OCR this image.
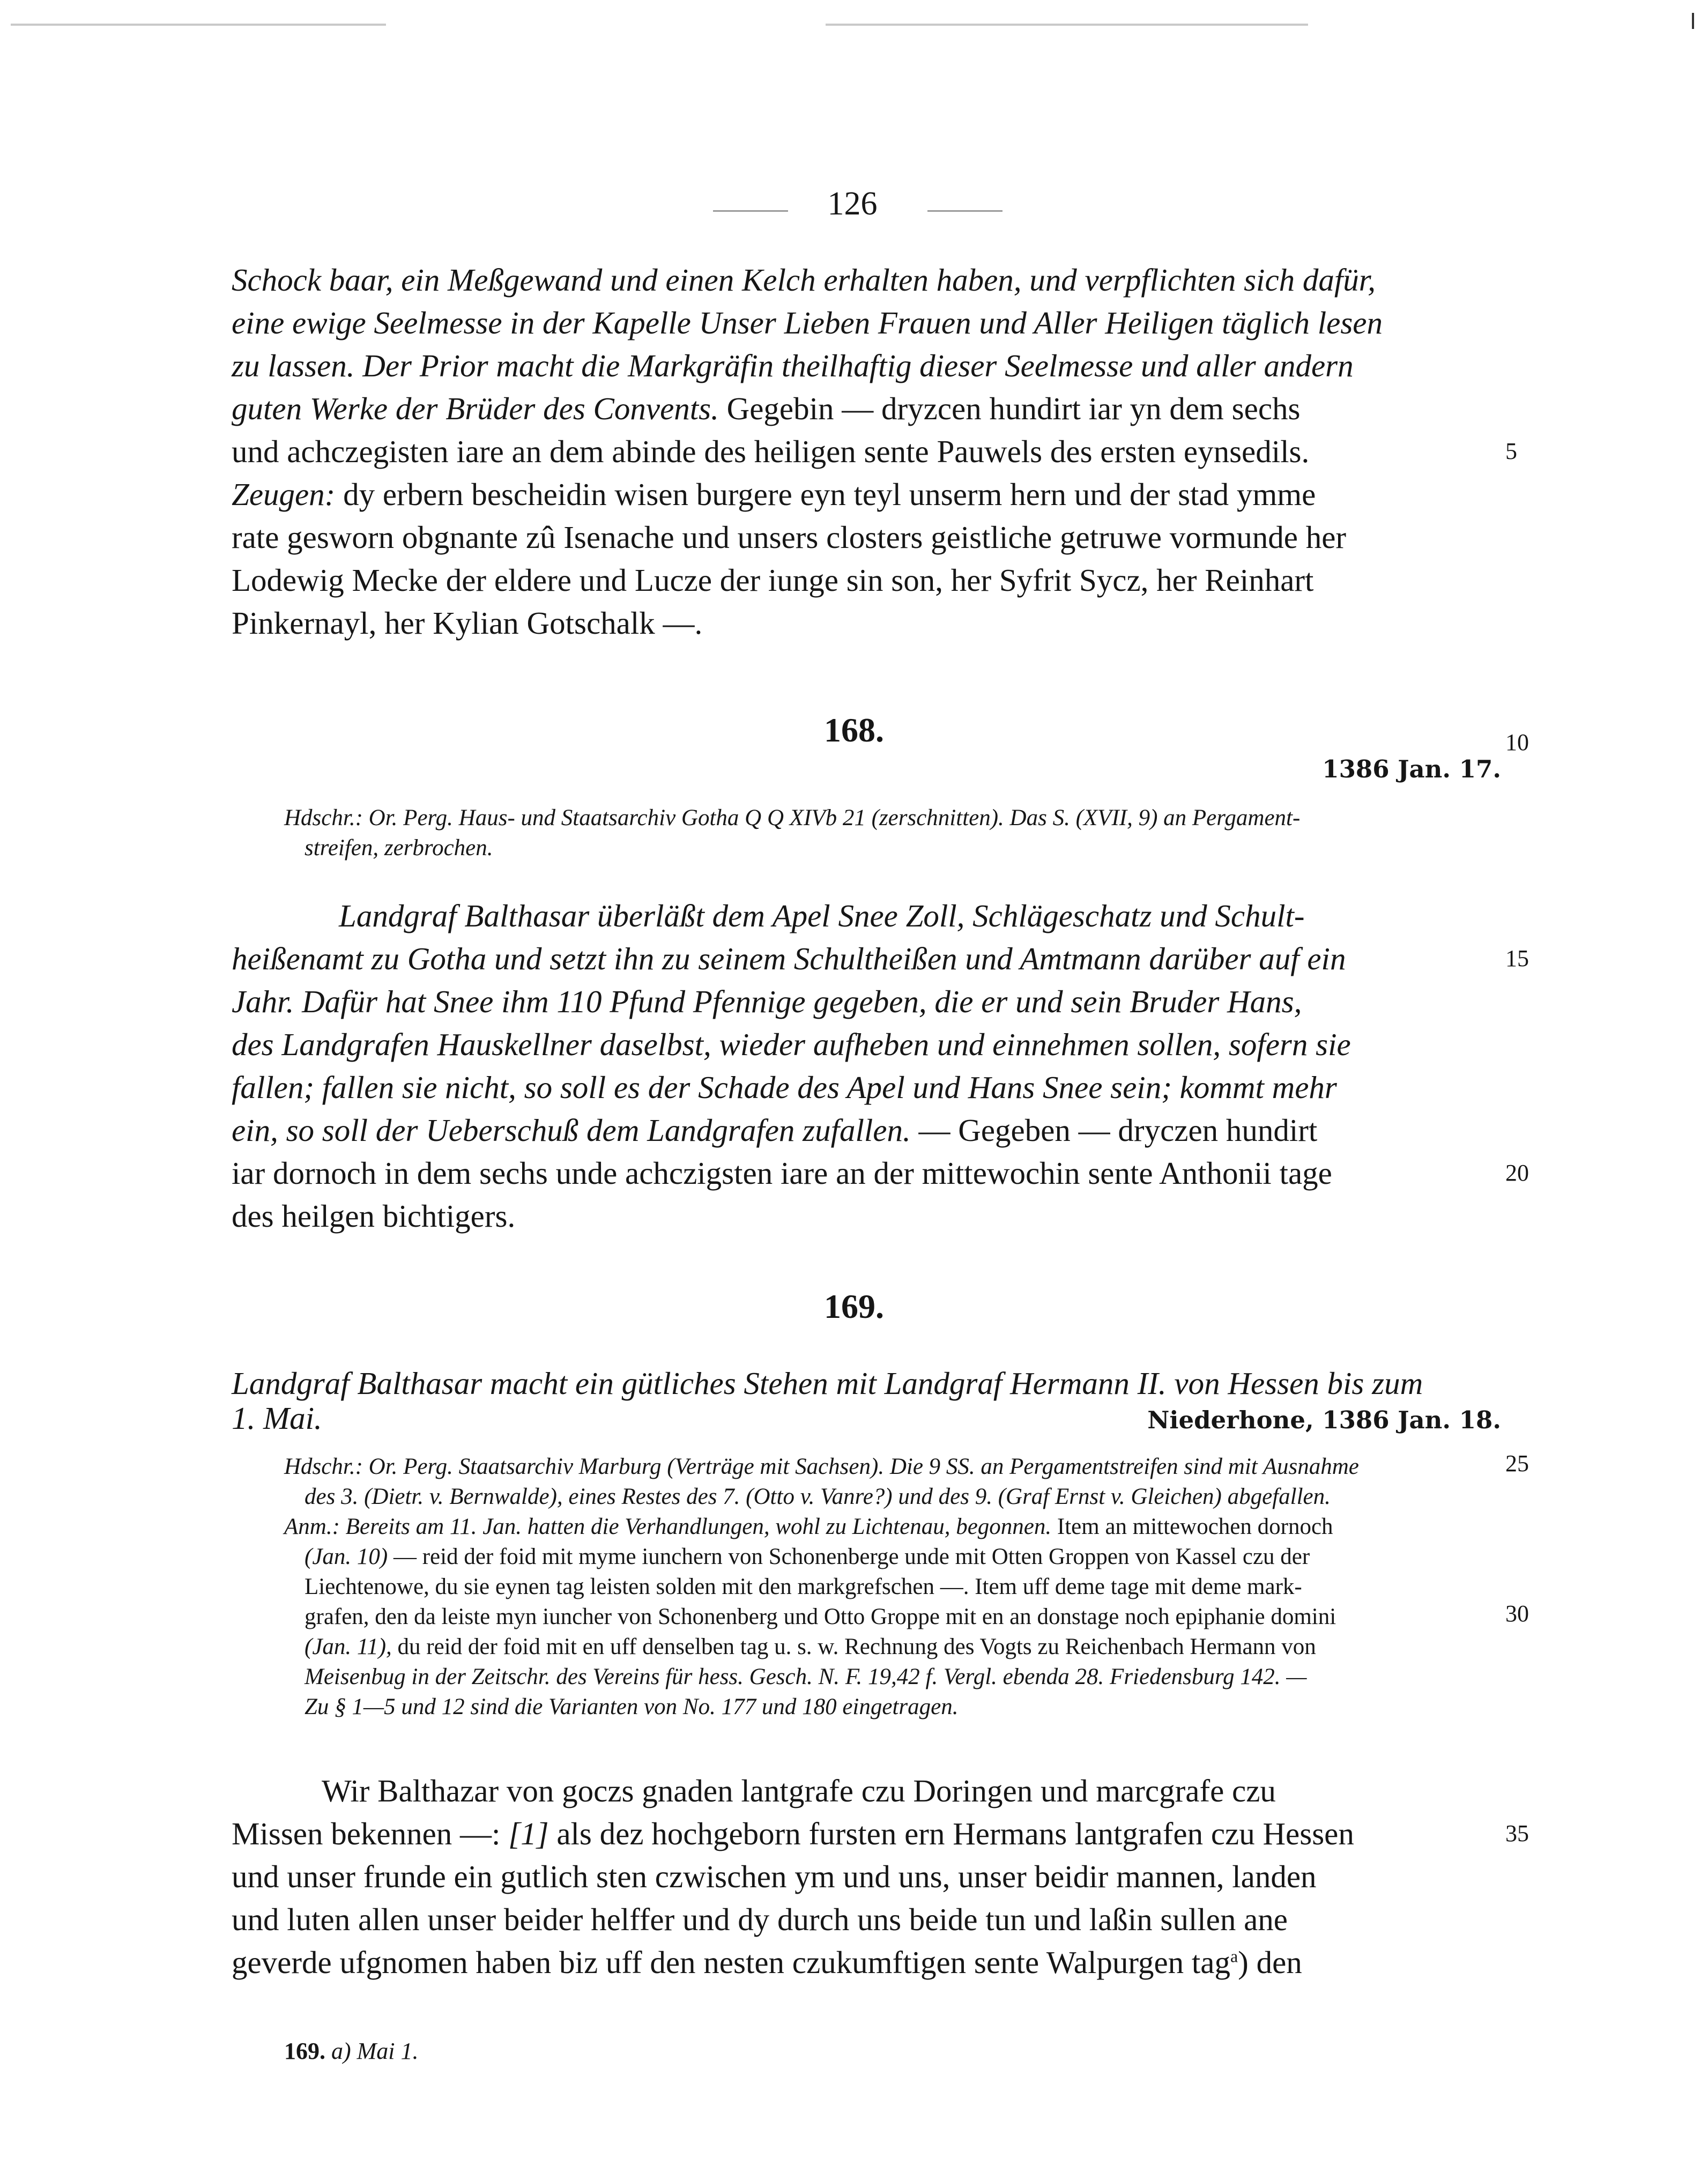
126
Schock baar, ein Meßgewand und einen Kelch erhalten haben, und verpflichten sich dafür,
eine ewige Seelmesse in der Kapelle Unser Lieben Frauen und Aller Heiligen täglich lesen
zu lassen. Der Prior macht die Markgräfin theilhaftig dieser Seelmesse und aller andern
guten Werke der Brüder des Convents. Gegebin — dryzcen hundirt iar yn dem sechs
und achczegisten iare an dem abinde des heiligen sente Pauwels des ersten eynsedils.
Zeugen: dy erbern bescheidin wisen burgere eyn teyl unserm hern und der stad ymme
rate gesworn obgnante zû Isenache und unsers closters geistliche getruwe vormunde her
Lodewig Mecke der eldere und Lucze der iunge sin son, her Syfrit Sycz, her Reinhart
Pinkernayl, her Kylian Gotschalk —.
168.
1386 Jan. 17.
Hdschr.: Or. Perg. Haus- und Staatsarchiv Gotha Q Q XIVb 21 (zerschnitten). Das S. (XVII, 9) an Pergament-
streifen, zerbrochen.
Landgraf Balthasar überläßt dem Apel Snee Zoll, Schlägeschatz und Schult-
heißenamt zu Gotha und setzt ihn zu seinem Schultheißen und Amtmann darüber auf ein
Jahr. Dafür hat Snee ihm 110 Pfund Pfennige gegeben, die er und sein Bruder Hans,
des Landgrafen Hauskellner daselbst, wieder aufheben und einnehmen sollen, sofern sie
fallen; fallen sie nicht, so soll es der Schade des Apel und Hans Snee sein; kommt mehr
ein, so soll der Ueberschuß dem Landgrafen zufallen. — Gegeben — dryczen hundirt
iar dornoch in dem sechs unde achczigsten iare an der mittewochin sente Anthonii tage
des heilgen bichtigers.
169.
Landgraf Balthasar macht ein gütliches Stehen mit Landgraf Hermann II. von Hessen bis zum
1. Mai.	Niederhone, 1386 Jan. 18.
Hdschr.: Or. Perg. Staatsarchiv Marburg (Verträge mit Sachsen). Die 9 SS. an Pergamentstreifen sind mit Ausnahme
des 3. (Dietr. v. Bernwalde), eines Restes des 7. (Otto v. Vanre?) und des 9. (Graf Ernst v. Gleichen) abgefallen.
Anm.: Bereits am 11. Jan. hatten die Verhandlungen, wohl zu Lichtenau, begonnen. Item an mittewochen dornoch
(Jan. 10) — reid der foid mit myme iunchern von Schonenberge unde mit Otten Groppen von Kassel czu der
Liechtenowe, du sie eynen tag leisten solden mit den markgrefschen —. Item uff deme tage mit deme mark-
grafen, den da leiste myn iuncher von Schonenberg und Otto Groppe mit en an donstage noch epiphanie domini
(Jan. 11), du reid der foid mit en uff denselben tag u. s. w. Rechnung des Vogts zu Reichenbach Hermann von
Meisenbug in der Zeitschr. des Vereins für hess. Gesch. N. F. 19,42 f. Vergl. ebenda 28. Friedensburg 142. —
Zu § 1—5 und 12 sind die Varianten von No. 177 und 180 eingetragen.
Wir Balthazar von goczs gnaden lantgrafe czu Doringen und marcgrafe czu
Missen bekennen —: [1] als dez hochgeborn fursten ern Hermans lantgrafen czu Hessen
und unser frunde ein gutlich sten czwischen ym und uns, unser beidir mannen, landen
und luten allen unser beider helffer und dy durch uns beide tun und laßin sullen ane
geverde ufgnomen haben biz uff den nesten czukumftigen sente Walpurgen tag$^a$) den
169. a) Mai 1.
5
10
15
20
25
30
35
